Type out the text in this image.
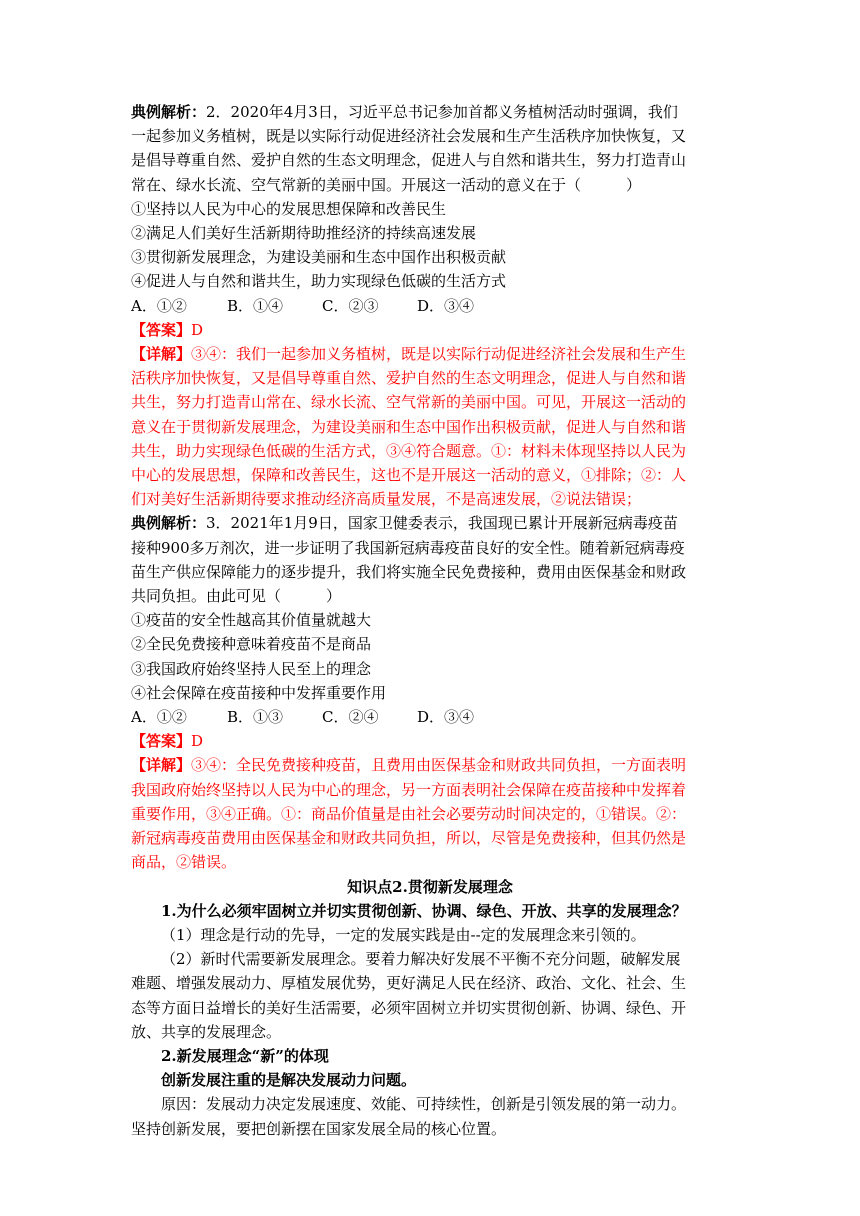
典例解析：2．2020年4月3日，习近平总书记参加首都义务植树活动时强调，我们

一起参加义务植树，既是以实际行动促进经济社会发展和生产生活秩序加快恢复，又

是倡导尊重自然、爱护自然的生态文明理念，促进人与自然和谐共生，努力打造青山

常在、绿水长流、空气常新的美丽中国。开展这一活动的意义在于（　　　）

①坚持以人民为中心的发展思想保障和改善民生

②满足人们美好生活新期待助推经济的持续高速发展

③贯彻新发展理念，为建设美丽和生态中国作出积极贡献

④促进人与自然和谐共生，助力实现绿色低碳的生活方式

A．①②	B．①④	C．②③	D．③④

【答案】D

【详解】③④：我们一起参加义务植树，既是以实际行动促进经济社会发展和生产生

活秩序加快恢复，又是倡导尊重自然、爱护自然的生态文明理念，促进人与自然和谐

共生，努力打造青山常在、绿水长流、空气常新的美丽中国。可见，开展这一活动的

意义在于贯彻新发展理念，为建设美丽和生态中国作出积极贡献，促进人与自然和谐

共生，助力实现绿色低碳的生活方式，③④符合题意。①：材料未体现坚持以人民为

中心的发展思想，保障和改善民生，这也不是开展这一活动的意义，①排除；②：人

们对美好生活新期待要求推动经济高质量发展，不是高速发展，②说法错误；

典例解析：3．2021年1月9日，国家卫健委表示，我国现已累计开展新冠病毒疫苗

接种900多万剂次，进一步证明了我国新冠病毒疫苗良好的安全性。随着新冠病毒疫

苗生产供应保障能力的逐步提升，我们将实施全民免费接种，费用由医保基金和财政

共同负担。由此可见（　　　）

①疫苗的安全性越高其价值量就越大

②全民免费接种意味着疫苗不是商品

③我国政府始终坚持人民至上的理念

④社会保障在疫苗接种中发挥重要作用

A．①②	B．①③	C．②④	D．③④

【答案】D

【详解】③④：全民免费接种疫苗，且费用由医保基金和财政共同负担，一方面表明

我国政府始终坚持以人民为中心的理念，另一方面表明社会保障在疫苗接种中发挥着

重要作用，③④正确。①：商品价值量是由社会必要劳动时间决定的，①错误。②：

新冠病毒疫苗费用由医保基金和财政共同负担，所以，尽管是免费接种，但其仍然是

商品，②错误。

知识点2.贯彻新发展理念

1.为什么必须牢固树立并切实贯彻创新、协调、绿色、开放、共享的发展理念？

（1）理念是行动的先导，一定的发展实践是由--定的发展理念来引领的。

（2）新时代需要新发展理念。要着力解决好发展不平衡不充分问题，破解发展

难题、增强发展动力、厚植发展优势，更好满足人民在经济、政治、文化、社会、生

态等方面日益增长的美好生活需要，必须牢固树立并切实贯彻创新、协调、绿色、开

放、共享的发展理念。

2.新发展理念“新”的体现

创新发展注重的是解决发展动力问题。

原因：发展动力决定发展速度、效能、可持续性，创新是引领发展的第一动力。

坚持创新发展，要把创新摆在国家发展全局的核心位置。
